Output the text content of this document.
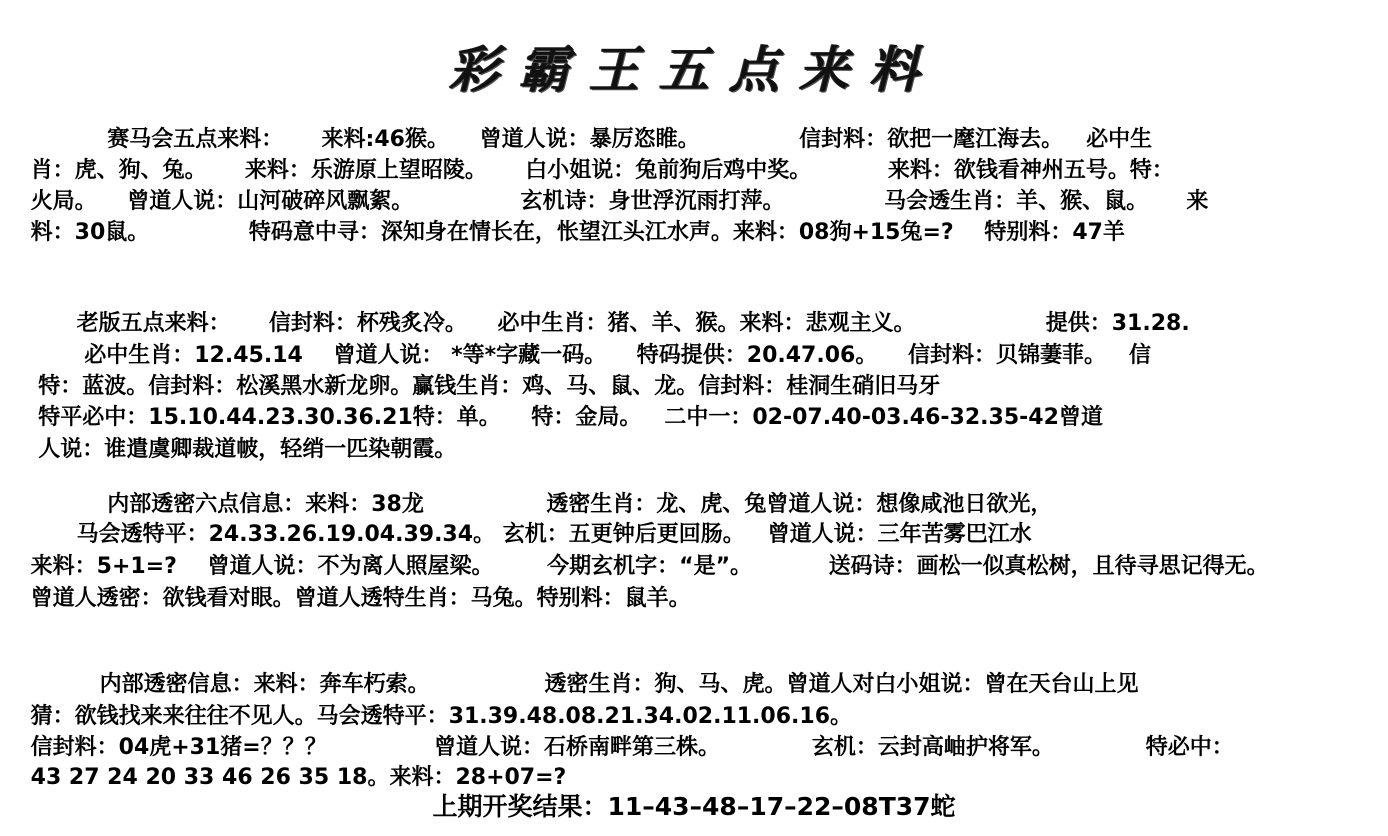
彩霸王五点来料
赛马会五点来料：     来料:46猴。    曾道人说：暴厉恣睢。             信封料：欲把一麾江海去。   必中生
肖：虎、狗、兔。     来料：乐游原上望昭陵。     白小姐说：兔前狗后鸡中奖。          来料：欲钱看神州五号。特：
火局。    曾道人说：山河破碎风飘絮。              玄机诗：身世浮沉雨打萍。             马会透生肖：羊、猴、鼠。     来
料：30鼠。             特码意中寻：深知身在情长在，怅望江头江水声。来料：08狗+15兔=?    特别料：47羊
老版五点来料：     信封料：杯残炙冷。    必中生肖：猪、羊、猴。来料：悲观主义。                 提供：31.28.
必中生肖：12.45.14    曾道人说： *等*字藏一码。    特码提供：20.47.06。    信封料：贝锦萋菲。   信
特：蓝波。信封料：松溪黑水新龙卵。赢钱生肖：鸡、马、鼠、龙。信封料：桂洞生硝旧马牙
特平必中：15.10.44.23.30.36.21特：单。    特：金局。   二中一：02-07.40-03.46-32.35-42曾道
人说：谁遣虞卿裁道帔，轻绡一匹染朝霞。
内部透密六点信息：来料：38龙                透密生肖：龙、虎、兔曾道人说：想像咸池日欲光，
马会透特平：24.33.26.19.04.39.34。 玄机：五更钟后更回肠。   曾道人说：三年苦雾巴江水
来料：5+1=?    曾道人说：不为离人照屋梁。       今期玄机字：“是”。          送码诗：画松一似真松树，且待寻思记得无。
曾道人透密：欲钱看对眼。曾道人透特生肖：马兔。特别料：鼠羊。
内部透密信息：来料：奔车朽索。               透密生肖：狗、马、虎。曾道人对白小姐说：曾在天台山上见
猜：欲钱找来来往往不见人。马会透特平：31.39.48.08.21.34.02.11.06.16。
信封料：04虎+31猪=？？？              曾道人说：石桥南畔第三株。            玄机：云封高岫护将军。            特必中：
43 27 24 20 33 46 26 35 18。来料：28+07=?
上期开奖结果：11–43–48–17–22–08T37蛇
